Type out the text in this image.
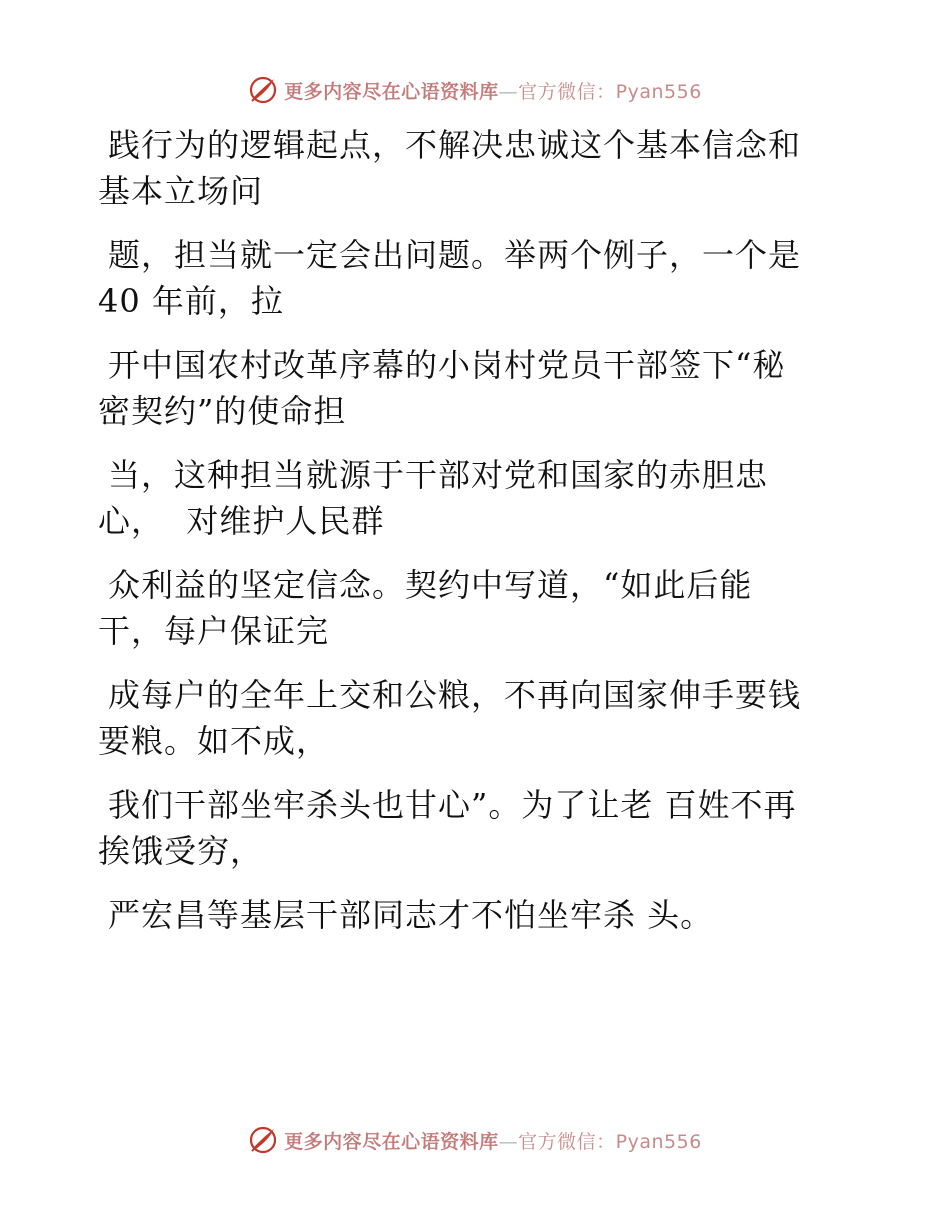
更多内容尽在心语资料库—官方微信：Pyan556
践行为的逻辑起点，不解决忠诚这个基本信念和
基本立场问
题，担当就一定会出问题。举两个例子，一个是
40 年前，拉
开中国农村改革序幕的小岗村党员干部签下“秘
密契约”的使命担
当，这种担当就源于干部对党和国家的赤胆忠
心，  对维护人民群
众利益的坚定信念。契约中写道，“如此后能
干，每户保证完
成每户的全年上交和公粮，不再向国家伸手要钱
要粮。如不成，
我们干部坐牢杀头也甘心”。为了让老 百姓不再
挨饿受穷，
严宏昌等基层干部同志才不怕坐牢杀 头。
更多内容尽在心语资料库—官方微信：Pyan556
